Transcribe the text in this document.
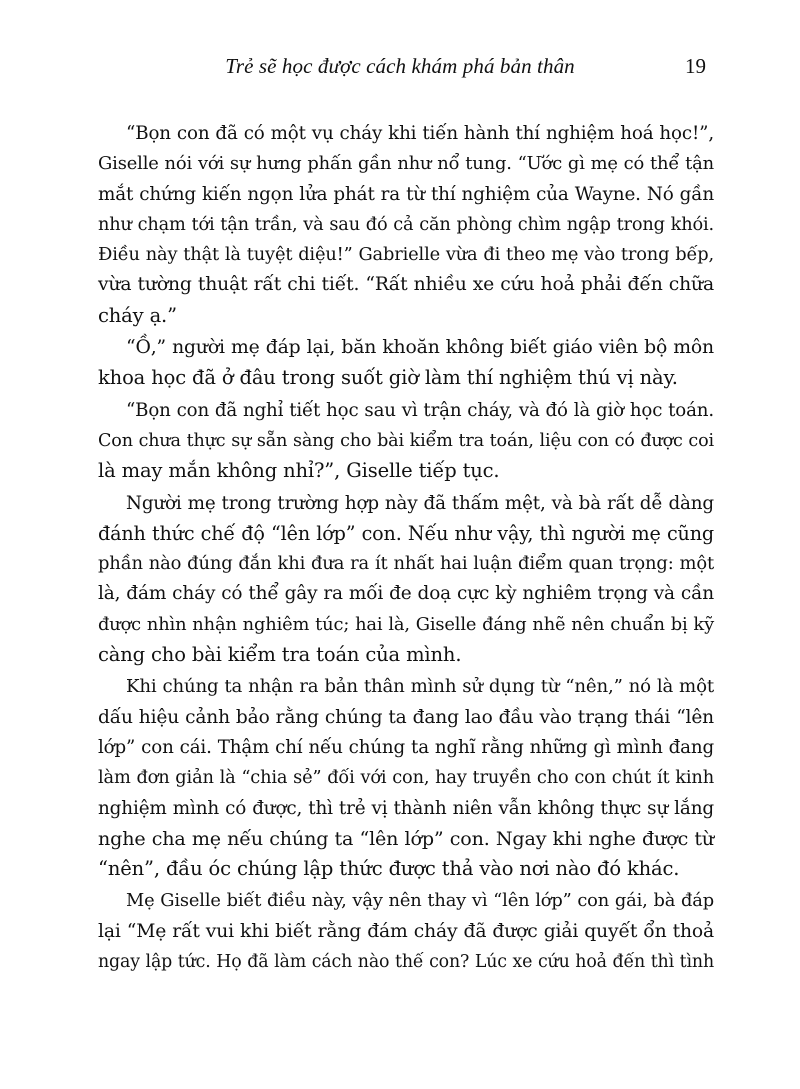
Trẻ sẽ học được cách khám phá bản thân	19
“Bọn con đã có một vụ cháy khi tiến hành thí nghiệm hoá học!”,
Giselle nói với sự hưng phấn gần như nổ tung. “Ước gì mẹ có thể tận
mắt chứng kiến ngọn lửa phát ra từ thí nghiệm của Wayne. Nó gần
như chạm tới tận trần, và sau đó cả căn phòng chìm ngập trong khói.
Điều này thật là tuyệt diệu!” Gabrielle vừa đi theo mẹ vào trong bếp,
vừa tường thuật rất chi tiết. “Rất nhiều xe cứu hoả phải đến chữa
cháy ạ.”
“Ồ,” người mẹ đáp lại, băn khoăn không biết giáo viên bộ môn
khoa học đã ở đâu trong suốt giờ làm thí nghiệm thú vị này.
“Bọn con đã nghỉ tiết học sau vì trận cháy, và đó là giờ học toán.
Con chưa thực sự sẵn sàng cho bài kiểm tra toán, liệu con có được coi
là may mắn không nhỉ?”, Giselle tiếp tục.
Người mẹ trong trường hợp này đã thấm mệt, và bà rất dễ dàng
đánh thức chế độ “lên lớp” con. Nếu như vậy, thì người mẹ cũng
phần nào đúng đắn khi đưa ra ít nhất hai luận điểm quan trọng: một
là, đám cháy có thể gây ra mối đe doạ cực kỳ nghiêm trọng và cần
được nhìn nhận nghiêm túc; hai là, Giselle đáng nhẽ nên chuẩn bị kỹ
càng cho bài kiểm tra toán của mình.
Khi chúng ta nhận ra bản thân mình sử dụng từ “nên,” nó là một
dấu hiệu cảnh bảo rằng chúng ta đang lao đầu vào trạng thái “lên
lớp” con cái. Thậm chí nếu chúng ta nghĩ rằng những gì mình đang
làm đơn giản là “chia sẻ” đối với con, hay truyền cho con chút ít kinh
nghiệm mình có được, thì trẻ vị thành niên vẫn không thực sự lắng
nghe cha mẹ nếu chúng ta “lên lớp” con. Ngay khi nghe được từ
“nên”, đầu óc chúng lập thức được thả vào nơi nào đó khác.
Mẹ Giselle biết điều này, vậy nên thay vì “lên lớp” con gái, bà đáp
lại “Mẹ rất vui khi biết rằng đám cháy đã được giải quyết ổn thoả
ngay lập tức. Họ đã làm cách nào thế con? Lúc xe cứu hoả đến thì tình
